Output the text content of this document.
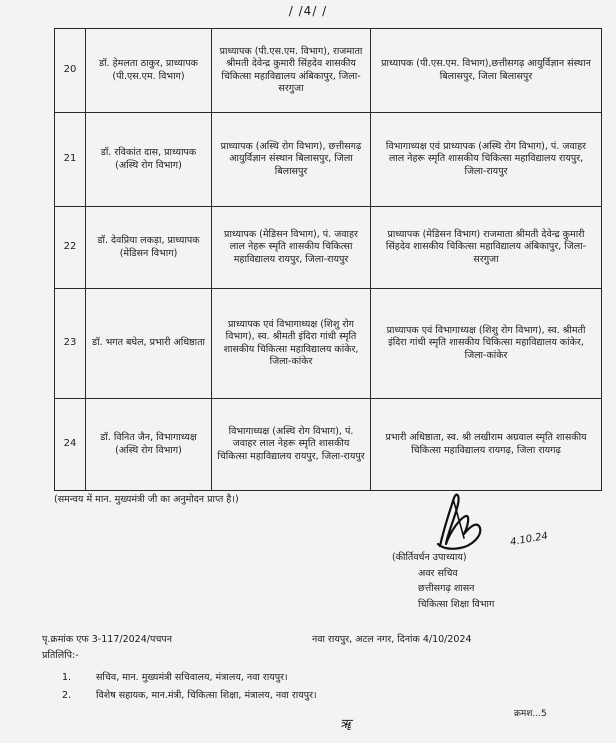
/ /4/ /
20	डॉ. हेमलता ठाकुर, प्राध्यापक (पी.एस.एम. विभाग)	प्राध्यापक (पी.एस.एम. विभाग), राजमाता श्रीमती देवेन्द्र कुमारी सिंहदेव शासकीय चिकित्सा महाविद्यालय अंबिकापुर, जिला-सरगुजा	प्राध्यापक (पी.एस.एम. विभाग),छत्तीसगढ़ आयुर्विज्ञान संस्थान बिलासपुर, जिला बिलासपुर
21	डॉ. रविकांत दास, प्राध्यापक (अस्थि रोग विभाग)	प्राध्यापक (अस्थि रोग विभाग), छत्तीसगढ़ आयुर्विज्ञान संस्थान बिलासपुर, जिला बिलासपुर	विभागाध्यक्ष एवं प्राध्यापक (अस्थि रोग विभाग), पं. जवाहर लाल नेहरू स्मृति शासकीय चिकित्सा महाविद्यालय रायपुर, जिला-रायपुर
22	डॉ. देवप्रिया लकड़ा, प्राध्यापक (मेडिसन विभाग)	प्राध्यापक (मेडिसन विभाग), पं. जवाहर लाल नेहरू स्मृति शासकीय चिकित्सा महाविद्यालय रायपुर, जिला-रायपुर	प्राध्यापक (मेडिसन विभाग) राजमाता श्रीमती देवेन्द्र कुमारी सिंहदेव शासकीय चिकित्सा महाविद्यालय अंबिकापुर, जिला-सरगुजा
23	डॉ. भगत बघेल, प्रभारी अधिष्ठाता	प्राध्यापक एवं विभागाध्यक्ष (शिशु रोग विभाग), स्व. श्रीमती इंदिरा गांधी स्मृति शासकीय चिकित्सा महाविद्यालय कांकेर, जिला-कांकेर	प्राध्यापक एवं विभागाध्यक्ष (शिशु रोग विभाग), स्व. श्रीमती इंदिरा गांधी स्मृति शासकीय चिकित्सा महाविद्यालय कांकेर, जिला-कांकेर
24	डॉ. विनित जैन, विभागाध्यक्ष (अस्थि रोग विभाग)	विभागाध्यक्ष (अस्थि रोग विभाग), पं. जवाहर लाल नेहरू स्मृति शासकीय चिकित्सा महाविद्यालय रायपुर, जिला-रायपुर	प्रभारी अधिष्ठाता, स्व. श्री लखीराम अग्रवाल स्मृति शासकीय चिकित्सा महाविद्यालय रायगढ़, जिला रायगढ़
(समन्वय में मान. मुख्यमंत्री जी का अनुमोदन प्राप्त है।)
4.10.24
(कीर्तिवर्धन उपाध्याय)
अवर सचिव
छत्तीसगढ़ शासन
चिकित्सा शिक्षा विभाग
पृ.क्रमांक एफ 3-117/2024/पचपन	नवा रायपुर, अटल नगर, दिनांक 4/10/2024
प्रतिलिपि:-
1.	सचिव, मान. मुख्यमंत्री सचिवालय, मंत्रालय, नवा रायपुर।
2.	विशेष सहायक, मान.मंत्री, चिकित्सा शिक्षा, मंत्रालय, नवा रायपुर।
क्रमश...5
ॠ
